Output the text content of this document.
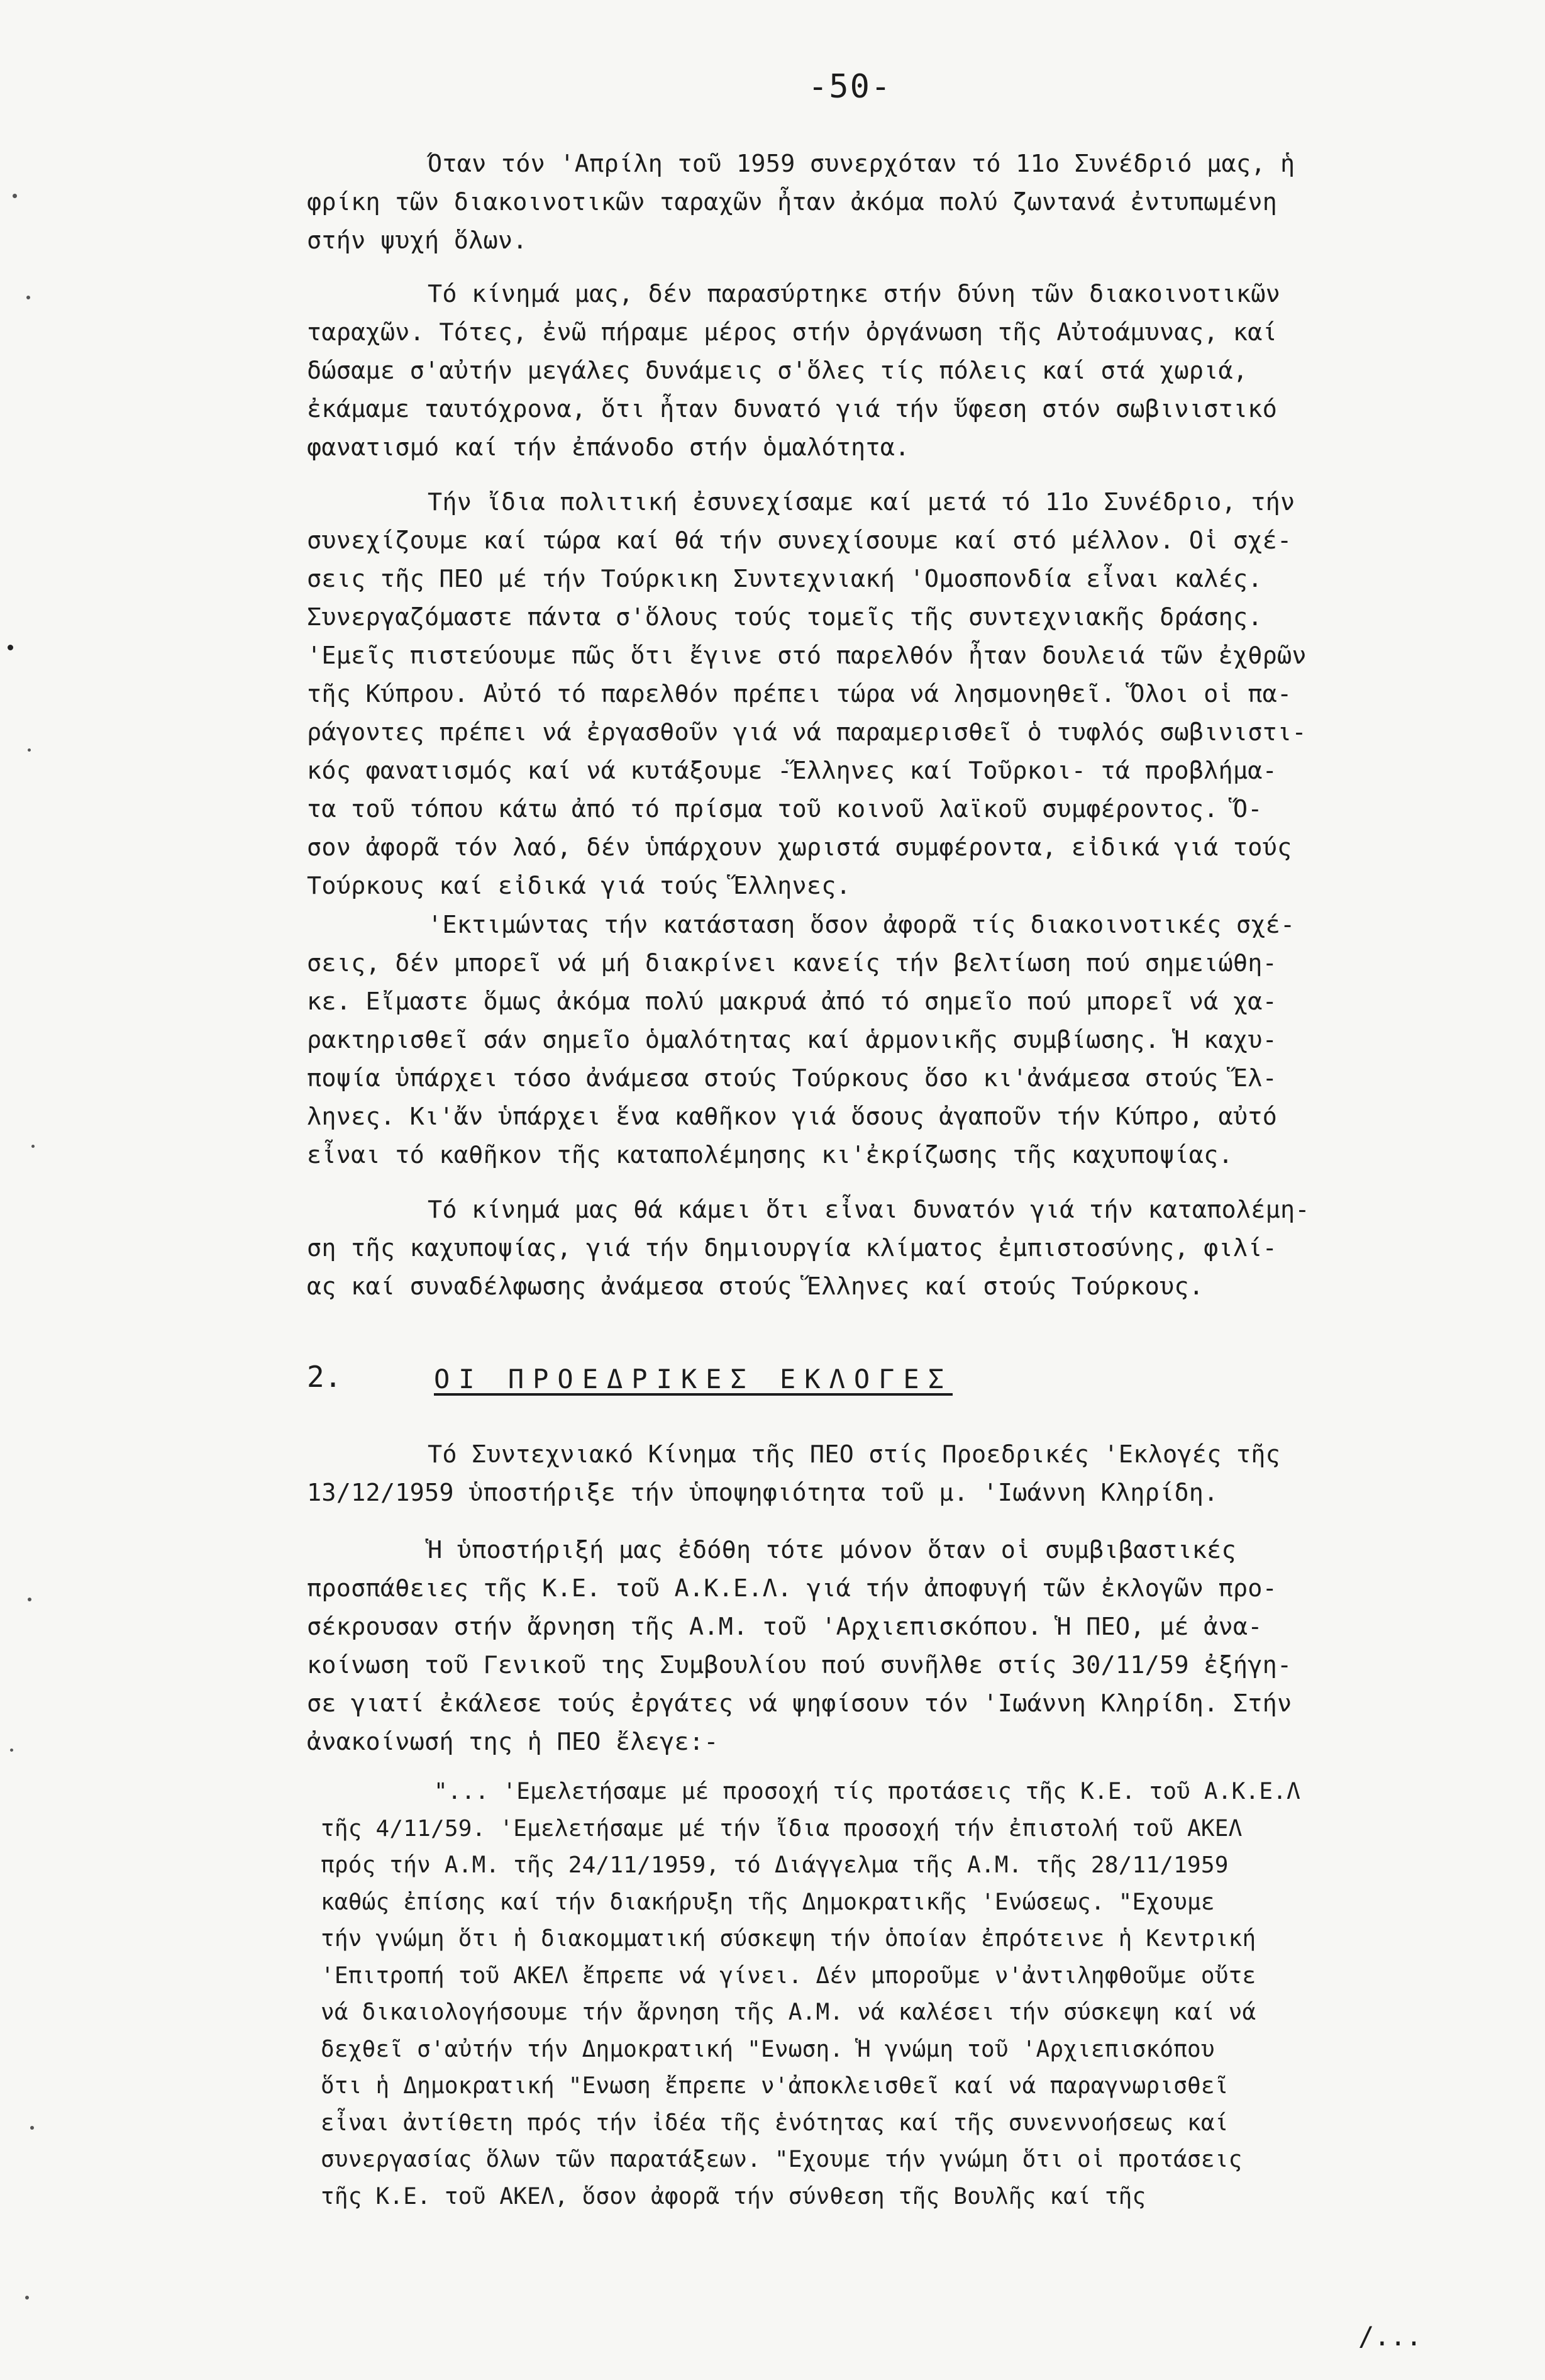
-50-

Όταν τόν 'Απρίλη τοῦ 1959 συνερχόταν τό 11ο Συνέδριό μας, ἡ
φρίκη τῶν διακοινοτικῶν ταραχῶν ἦταν ἀκόμα πολύ ζωντανά ἐντυπωμένη
στήν ψυχή ὅλων.

Τό κίνημά μας, δέν παρασύρτηκε στήν δύνη τῶν διακοινοτικῶν
ταραχῶν. Τότες, ἐνῶ πήραμε μέρος στήν ὀργάνωση τῆς Αὐτοάμυνας, καί
δώσαμε σ'αὐτήν μεγάλες δυνάμεις σ'ὅλες τίς πόλεις καί στά χωριά,
ἐκάμαμε ταυτόχρονα, ὅτι ἦταν δυνατό γιά τήν ὕφεση στόν σωβινιστικό
φανατισμό καί τήν ἐπάνοδο στήν ὁμαλότητα.

Τήν ἴδια πολιτική ἐσυνεχίσαμε καί μετά τό 11ο Συνέδριο, τήν
συνεχίζουμε καί τώρα καί θά τήν συνεχίσουμε καί στό μέλλον. Οἱ σχέ-
σεις τῆς ΠΕΟ μέ τήν Τούρκικη Συντεχνιακή 'Ομοσπονδία εἶναι καλές.
Συνεργαζόμαστε πάντα σ'ὅλους τούς τομεῖς τῆς συντεχνιακῆς δράσης.
'Εμεῖς πιστεύουμε πῶς ὅτι ἔγινε στό παρελθόν ἦταν δουλειά τῶν ἐχθρῶν
τῆς Κύπρου. Αὐτό τό παρελθόν πρέπει τώρα νά λησμονηθεῖ. Ὅλοι οἱ πα-
ράγοντες πρέπει νά ἐργασθοῦν γιά νά παραμερισθεῖ ὁ τυφλός σωβινιστι-
κός φανατισμός καί νά κυτάξουμε -Ἕλληνες καί Τοῦρκοι- τά προβλήμα-
τα τοῦ τόπου κάτω ἀπό τό πρίσμα τοῦ κοινοῦ λαϊκοῦ συμφέροντος. Ὅ-
σον ἀφορᾶ τόν λαό, δέν ὑπάρχουν χωριστά συμφέροντα, εἰδικά γιά τούς
Τούρκους καί εἰδικά γιά τούς Ἕλληνες.

'Εκτιμώντας τήν κατάσταση ὅσον ἀφορᾶ τίς διακοινοτικές σχέ-
σεις, δέν μπορεῖ νά μή διακρίνει κανείς τήν βελτίωση πού σημειώθη-
κε. Εἴμαστε ὅμως ἀκόμα πολύ μακρυά ἀπό τό σημεῖο πού μπορεῖ νά χα-
ρακτηρισθεῖ σάν σημεῖο ὁμαλότητας καί ἁρμονικῆς συμβίωσης. Ἡ καχυ-
ποψία ὑπάρχει τόσο ἀνάμεσα στούς Τούρκους ὅσο κι'ἀνάμεσα στούς Ἕλ-
ληνες. Κι'ἄν ὑπάρχει ἕνα καθῆκον γιά ὅσους ἀγαποῦν τήν Κύπρο, αὐτό
εἶναι τό καθῆκον τῆς καταπολέμησης κι'ἐκρίζωσης τῆς καχυποψίας.

Τό κίνημά μας θά κάμει ὅτι εἶναι δυνατόν γιά τήν καταπολέμη-
ση τῆς καχυποψίας, γιά τήν δημιουργία κλίματος ἐμπιστοσύνης, φιλί-
ας καί συναδέλφωσης ἀνάμεσα στούς Ἕλληνες καί στούς Τούρκους.

2.	ΟΙ ΠΡΟΕΔΡΙΚΕΣ ΕΚΛΟΓΕΣ

Τό Συντεχνιακό Κίνημα τῆς ΠΕΟ στίς Προεδρικές 'Εκλογές τῆς
13/12/1959 ὑποστήριξε τήν ὑποψηφιότητα τοῦ μ. 'Ιωάννη Κληρίδη.

Ἡ ὑποστήριξή μας ἐδόθη τότε μόνον ὅταν οἱ συμβιβαστικές
προσπάθειες τῆς Κ.Ε. τοῦ Α.Κ.Ε.Λ. γιά τήν ἀποφυγή τῶν ἐκλογῶν προ-
σέκρουσαν στήν ἄρνηση τῆς Α.Μ. τοῦ 'Αρχιεπισκόπου. Ἡ ΠΕΟ, μέ ἀνα-
κοίνωση τοῦ Γενικοῦ της Συμβουλίου πού συνῆλθε στίς 30/11/59 ἐξήγη-
σε γιατί ἐκάλεσε τούς ἐργάτες νά ψηφίσουν τόν 'Ιωάννη Κληρίδη. Στήν
ἀνακοίνωσή της ἡ ΠΕΟ ἔλεγε:-

"... 'Εμελετήσαμε μέ προσοχή τίς προτάσεις τῆς Κ.Ε. τοῦ Α.Κ.Ε.Λ
τῆς 4/11/59. 'Εμελετήσαμε μέ τήν ἴδια προσοχή τήν ἐπιστολή τοῦ ΑΚΕΛ
πρός τήν Α.Μ. τῆς 24/11/1959, τό Διάγγελμα τῆς Α.Μ. τῆς 28/11/1959
καθώς ἐπίσης καί τήν διακήρυξη τῆς Δημοκρατικῆς 'Ενώσεως. "Εχουμε
τήν γνώμη ὅτι ἡ διακομματική σύσκεψη τήν ὁποίαν ἐπρότεινε ἡ Κεντρική
'Επιτροπή τοῦ ΑΚΕΛ ἔπρεπε νά γίνει. Δέν μποροῦμε ν'ἀντιληφθοῦμε οὔτε
νά δικαιολογήσουμε τήν ἄρνηση τῆς Α.Μ. νά καλέσει τήν σύσκεψη καί νά
δεχθεῖ σ'αὐτήν τήν Δημοκρατική "Ενωση. Ἡ γνώμη τοῦ 'Αρχιεπισκόπου
ὅτι ἡ Δημοκρατική "Ενωση ἔπρεπε ν'ἀποκλεισθεῖ καί νά παραγνωρισθεῖ
εἶναι ἀντίθετη πρός τήν ἰδέα τῆς ἑνότητας καί τῆς συνεννοήσεως καί
συνεργασίας ὅλων τῶν παρατάξεων. "Εχουμε τήν γνώμη ὅτι οἱ προτάσεις
τῆς Κ.Ε. τοῦ ΑΚΕΛ, ὅσον ἀφορᾶ τήν σύνθεση τῆς Βουλῆς καί τῆς

/...
